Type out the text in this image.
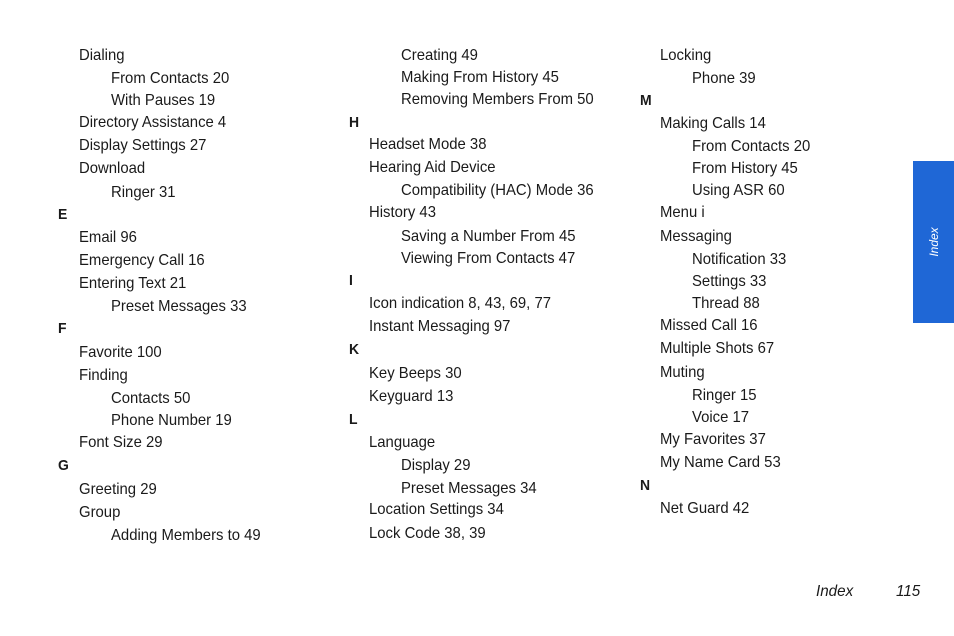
Dialing
From Contacts 20
With Pauses 19
Directory Assistance 4
Display Settings 27
Download
Ringer 31
E
Email 96
Emergency Call 16
Entering Text 21
Preset Messages 33
F
Favorite 100
Finding
Contacts 50
Phone Number 19
Font Size 29
G
Greeting 29
Group
Adding Members to 49
Creating 49
Making From History 45
Removing Members From 50
H
Headset Mode 38
Hearing Aid Device
Compatibility (HAC) Mode 36
History 43
Saving a Number From 45
Viewing From Contacts 47
I
Icon indication 8, 43, 69, 77
Instant Messaging 97
K
Key Beeps 30
Keyguard 13
L
Language
Display 29
Preset Messages 34
Location Settings 34
Lock Code 38, 39
Locking
Phone 39
M
Making Calls 14
From Contacts 20
From History 45
Using ASR 60
Menu i
Messaging
Notification 33
Settings 33
Thread 88
Missed Call 16
Multiple Shots 67
Muting
Ringer 15
Voice 17
My Favorites 37
My Name Card 53
N
Net Guard 42
Index
Index	115
